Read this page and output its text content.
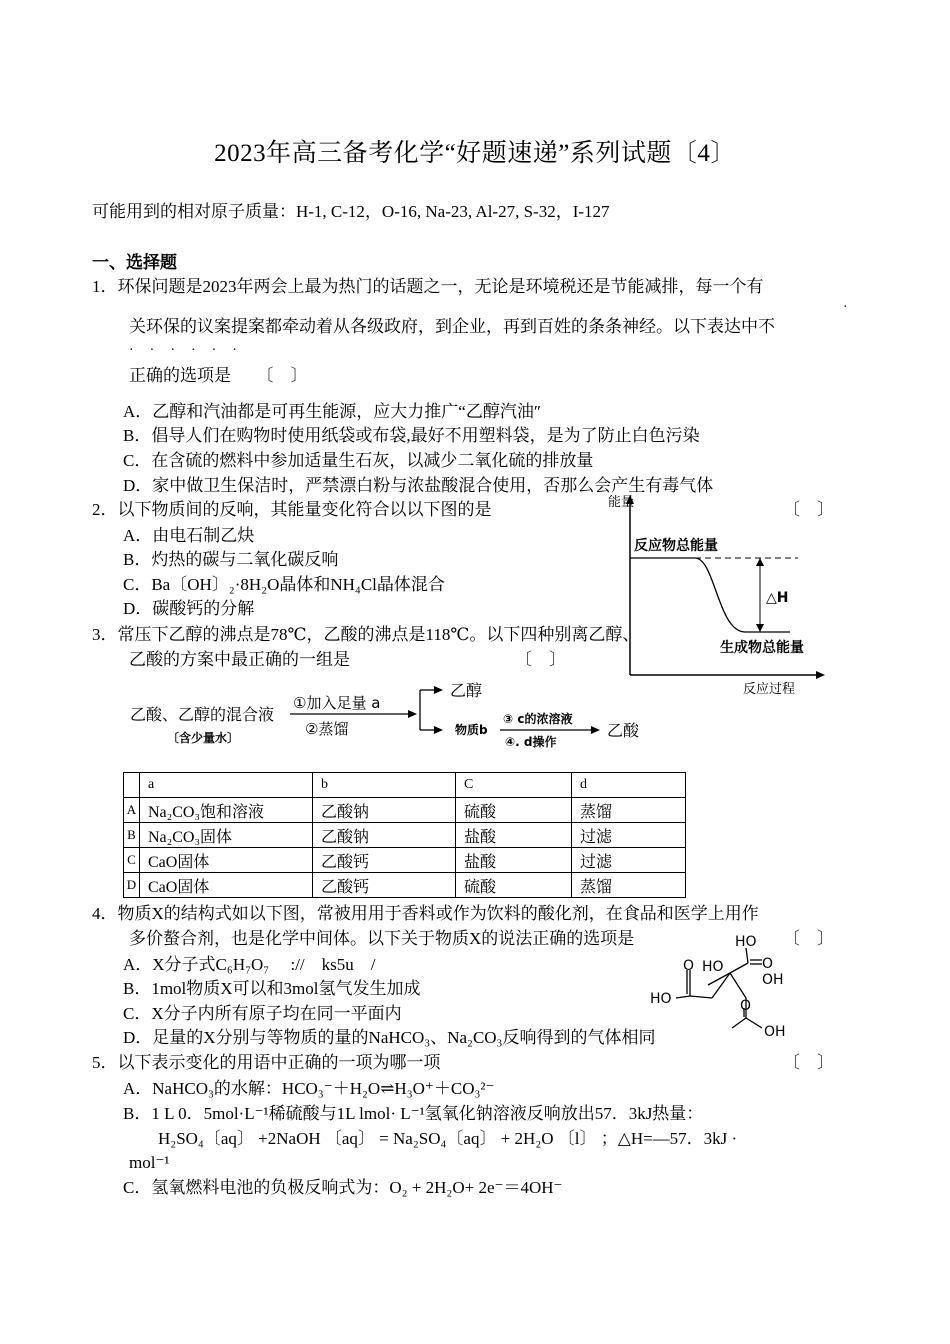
2023年高三备考化学“好题速递”系列试题〔4〕
可能用到的相对原子质量：H-1, C-12，O-16, Na-23, Al-27, S-32，I-127
一、选择题
1．环保问题是2023年两会上最为热门的话题之一，无论是环境税还是节能减排，每一个有
·
关环保的议案提案都牵动着从各级政府，到企业，再到百姓的条条神经。以下表达中不
······
正确的选项是　　〔　〕
A．乙醇和汽油都是可再生能源，应大力推广“乙醇汽油″
B．倡导人们在购物时使用纸袋或布袋,最好不用塑料袋，是为了防止白色污染
C．在含硫的燃料中参加适量生石灰，以减少二氧化硫的排放量
D．家中做卫生保洁时，严禁漂白粉与浓盐酸混合使用，否那么会产生有毒气体
2．以下物质间的反响，其能量变化符合以以下图的是	〔　〕
A．由电石制乙炔
B．灼热的碳与二氧化碳反响
C．Ba〔OH〕₂·8H₂O晶体和NH₄Cl晶体混合
D．碳酸钙的分解
能量
反应物总能量
△H
生成物总能量
反应过程
3．常压下乙醇的沸点是78℃，乙酸的沸点是118℃。以下四种别离乙醇、
乙酸的方案中最正确的一组是	〔　〕
乙酸、乙醇的混合液
〔含少量水〕
①加入足量 a
②蒸馏
乙醇
物质b
③ c的浓溶液
④. d操作
乙酸
	a	b	C	d
A	Na₂CO₃饱和溶液	乙酸钠	硫酸	蒸馏
B	Na₂CO₃固体	乙酸钠	盐酸	过滤
C	CaO固体	乙酸钙	盐酸	过滤
D	CaO固体	乙酸钙	硫酸	蒸馏
4．物质X的结构式如以下图，常被用用于香料或作为饮料的酸化剂，在食品和医学上用作
多价螯合剂，也是化学中间体。以下关于物质X的说法正确的选项是	〔　〕
A．X分子式C₆H₇O₇　 ://　ks5u　/
B．1mol物质X可以和3mol氢气发生加成
C．X分子内所有原子均在同一平面内
D．足量的X分别与等物质的量的NaHCO₃、Na₂CO₃反响得到的气体相同
HO
O
HO
O
HO	O
OH
OH
5．以下表示变化的用语中正确的一项为哪一项	〔　〕
A．NaHCO₃的水解：HCO₃⁻＋H₂O⇌H₃O⁺＋CO₃²⁻
B．1 L 0．5mol·L⁻¹稀硫酸与1L lmol· L⁻¹氢氧化钠溶液反响放出57．3kJ热量：
H₂SO₄〔aq〕 +2NaOH 〔aq〕 = Na₂SO₄〔aq〕 + 2H₂O 〔l〕 ；△H=—57．3kJ ·
mol⁻¹
C．氢氧燃料电池的负极反响式为：O₂ + 2H₂O+ 2e⁻＝4OH⁻
